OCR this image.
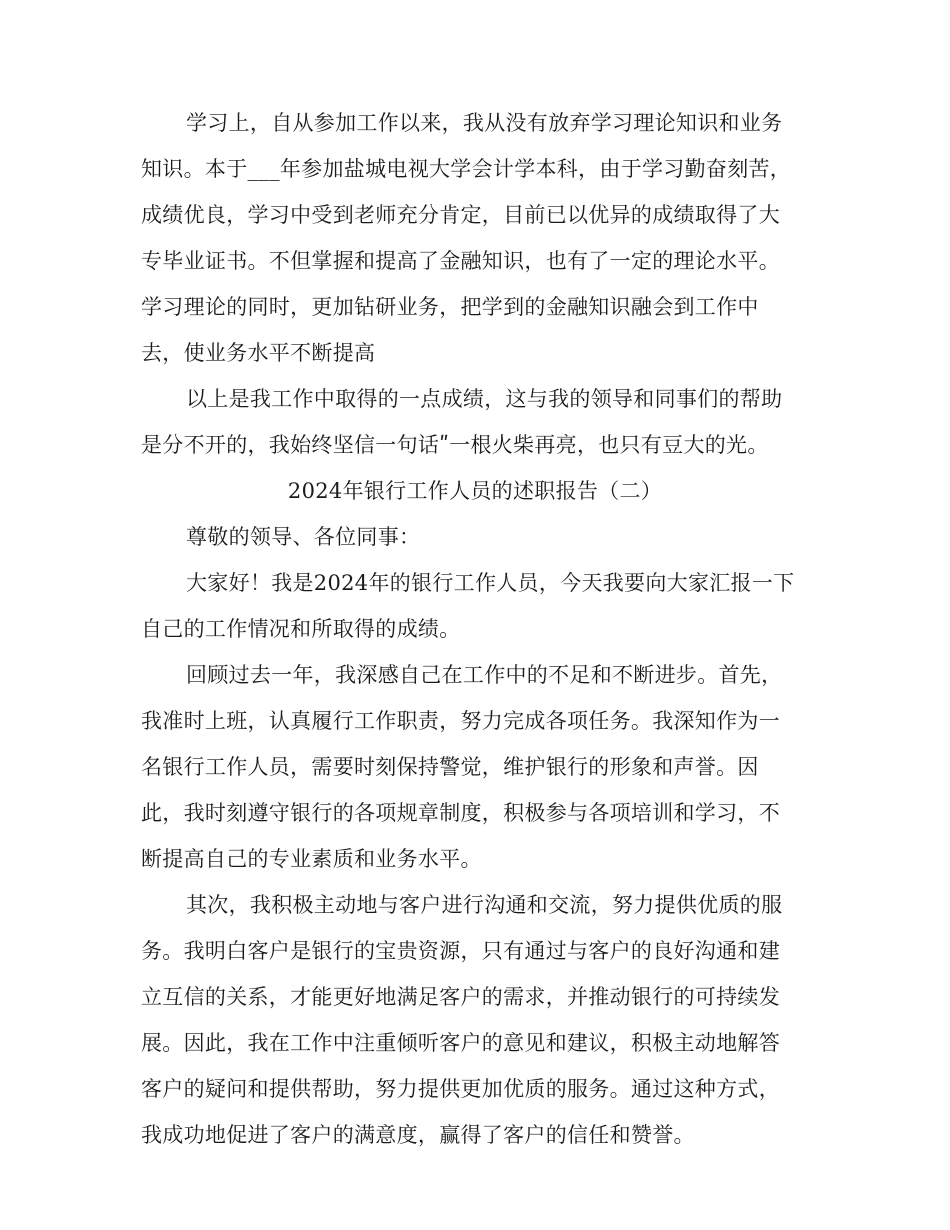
学习上，自从参加工作以来，我从没有放弃学习理论知识和业务
知识。本于___年参加盐城电视大学会计学本科，由于学习勤奋刻苦，
成绩优良，学习中受到老师充分肯定，目前已以优异的成绩取得了大
专毕业证书。不但掌握和提高了金融知识，也有了一定的理论水平。
学习理论的同时，更加钻研业务，把学到的金融知识融会到工作中
去，使业务水平不断提高
以上是我工作中取得的一点成绩，这与我的领导和同事们的帮助
是分不开的，我始终坚信一句话ʺ一根火柴再亮，也只有豆大的光。
2024年银行工作人员的述职报告（二）
尊敬的领导、各位同事：
大家好！我是2024年的银行工作人员，今天我要向大家汇报一下
自己的工作情况和所取得的成绩。
回顾过去一年，我深感自己在工作中的不足和不断进步。首先，
我准时上班，认真履行工作职责，努力完成各项任务。我深知作为一
名银行工作人员，需要时刻保持警觉，维护银行的形象和声誉。因
此，我时刻遵守银行的各项规章制度，积极参与各项培训和学习，不
断提高自己的专业素质和业务水平。
其次，我积极主动地与客户进行沟通和交流，努力提供优质的服
务。我明白客户是银行的宝贵资源，只有通过与客户的良好沟通和建
立互信的关系，才能更好地满足客户的需求，并推动银行的可持续发
展。因此，我在工作中注重倾听客户的意见和建议，积极主动地解答
客户的疑问和提供帮助，努力提供更加优质的服务。通过这种方式，
我成功地促进了客户的满意度，赢得了客户的信任和赞誉。
